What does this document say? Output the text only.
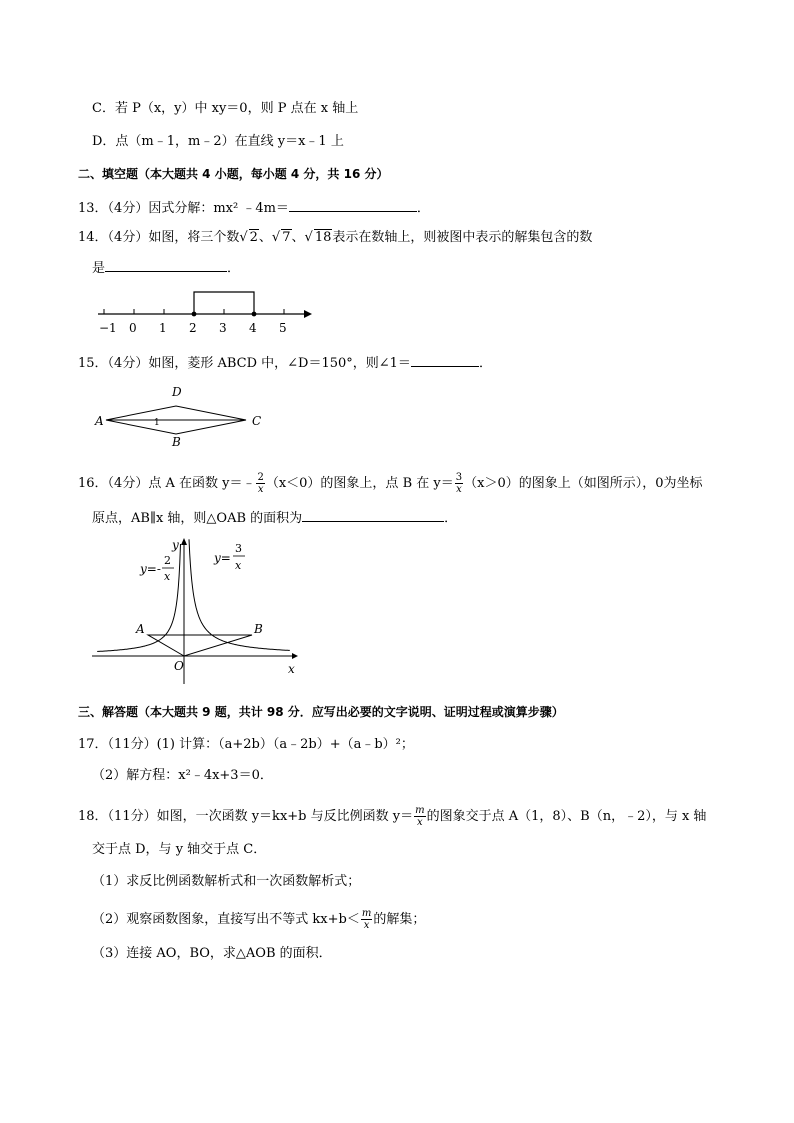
C．若 P（x，y）中 xy＝0，则 P 点在 x 轴上
D．点（m﹣1，m﹣2）在直线 y＝x﹣1 上
二、填空题（本大题共 4 小题，每小题 4 分，共 16 分）
13．（4分）因式分解：mx² ﹣4m＝	．
14．（4分）如图，将三个数√ 2、√ 7、√ 18表示在数轴上，则被图中表示的解集包含的数
是	．
−1 0 1 2 3 4 5
15．（4分）如图，菱形 ABCD 中，∠D＝150°，则∠1＝	．
D
A	C
B
1
16．（4分）点 A 在函数 y＝﹣ $\frac{2}{x} (x<0)$的图象上，点 B 在 $y= \frac{3}{x} (x>0)$的图象上（如图所示），0为坐标
原点，AB∥x 轴，则△OAB 的面积为	．
y
x
O
A	B
y=-
2
x
y=
3
x
三、解答题（本大题共 9 题，共计 98 分．应写出必要的文字说明、证明过程或演算步骤）
17．（11分）(1) 计算：（a+2b）（a﹣2b）+（a﹣b）²；
（2）解方程：x²﹣4x+3＝0．
18．（11分）如图，一次函数 y＝kx+b 与反比例函数 $y= \frac{m}{x}$ 的图象交于点 A（1，8）、B（n，﹣2），与 x 轴
交于点 D，与 y 轴交于点 C．
（1）求反比例函数解析式和一次函数解析式；
（2）观察函数图象，直接写出不等式 $kx+b< \frac{m}{x}$ 的解集；
（3）连接 AO，BO，求△AOB 的面积．
